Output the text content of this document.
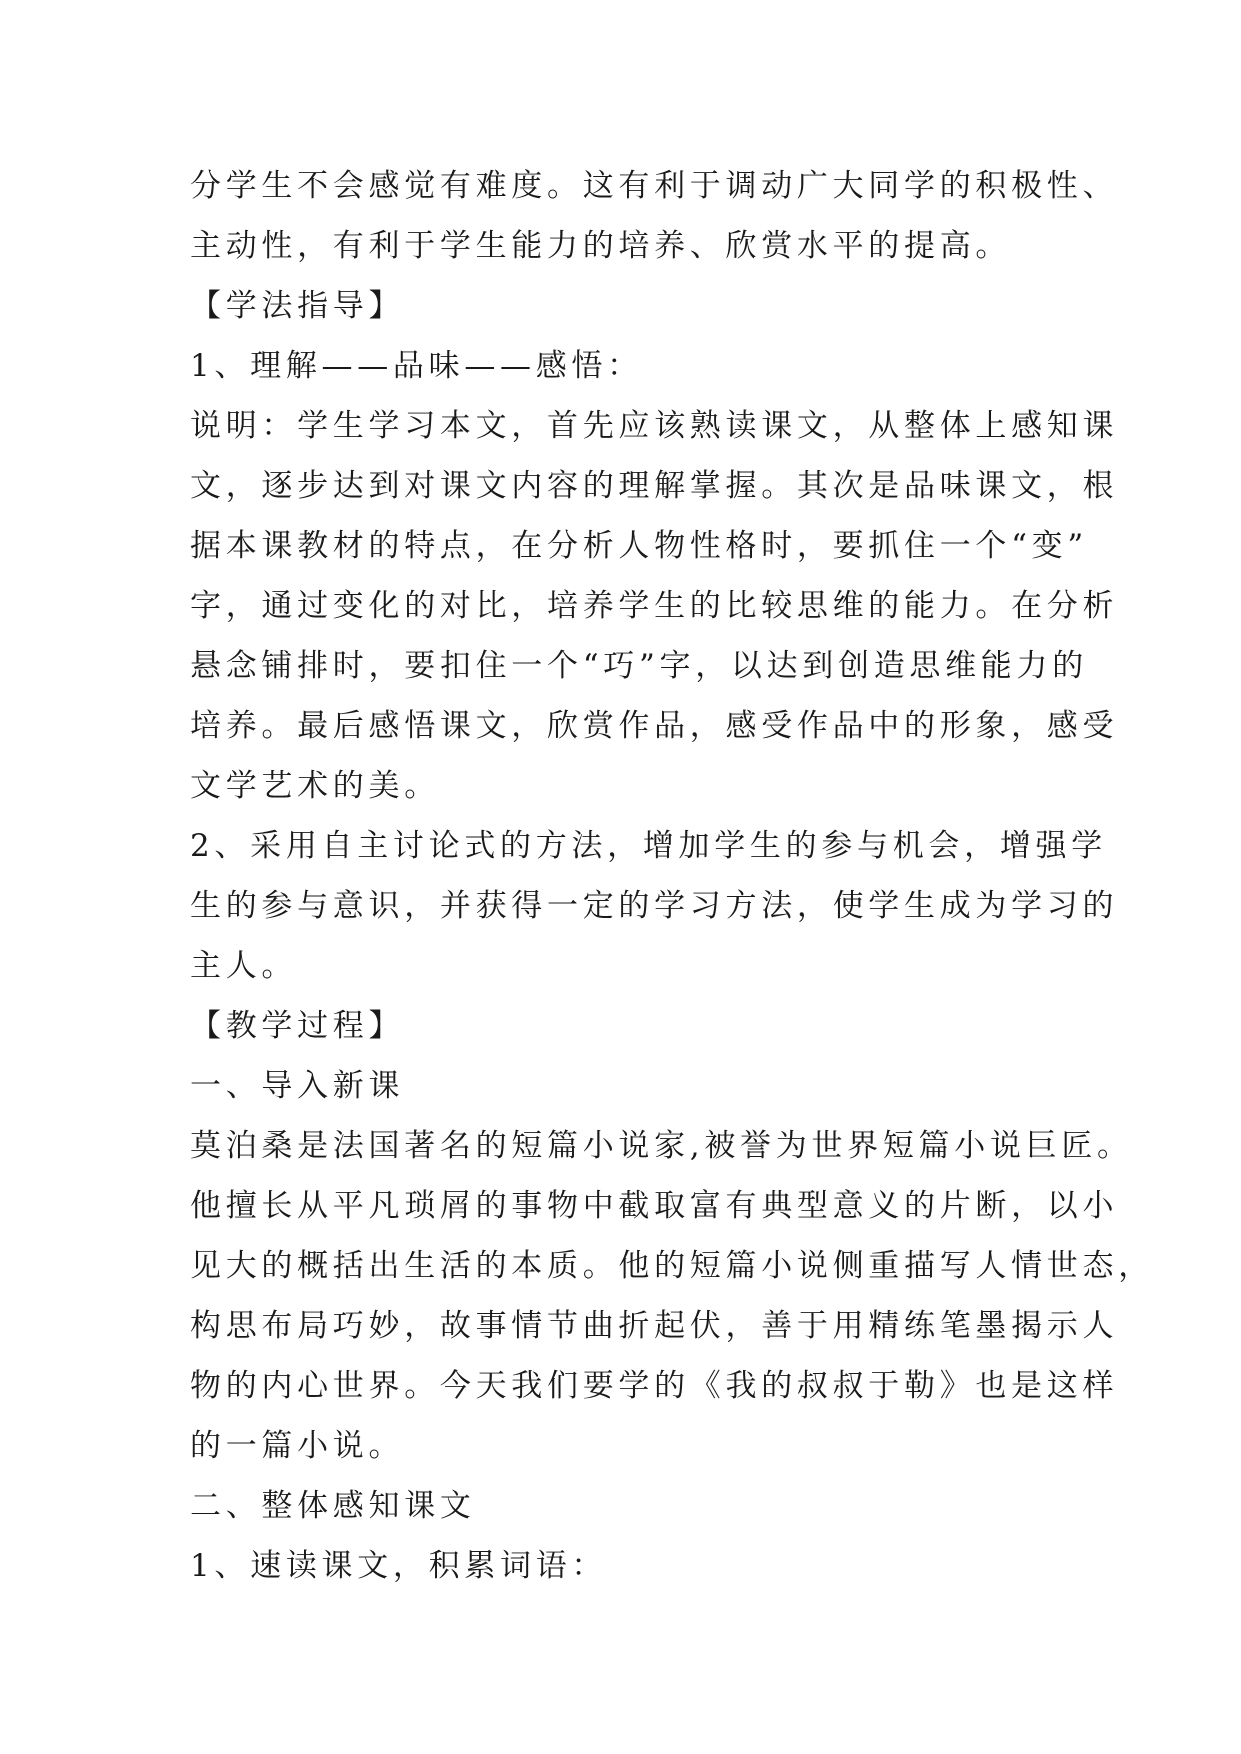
分学生不会感觉有难度。这有利于调动广大同学的积极性、

主动性，有利于学生能力的培养、欣赏水平的提高。

【学法指导】

1、理解——品味——感悟：

说明：学生学习本文，首先应该熟读课文，从整体上感知课

文，逐步达到对课文内容的理解掌握。其次是品味课文，根

据本课教材的特点，在分析人物性格时，要抓住一个“变”

字，通过变化的对比，培养学生的比较思维的能力。在分析

悬念铺排时，要扣住一个“巧”字，以达到创造思维能力的

培养。最后感悟课文，欣赏作品，感受作品中的形象，感受

文学艺术的美。

2、采用自主讨论式的方法，增加学生的参与机会，增强学

生的参与意识，并获得一定的学习方法，使学生成为学习的

主人。

【教学过程】

一、导入新课

莫泊桑是法国著名的短篇小说家,被誉为世界短篇小说巨匠。

他擅长从平凡琐屑的事物中截取富有典型意义的片断，以小

见大的概括出生活的本质。他的短篇小说侧重描写人情世态，

构思布局巧妙，故事情节曲折起伏，善于用精练笔墨揭示人

物的内心世界。今天我们要学的《我的叔叔于勒》也是这样

的一篇小说。

二、整体感知课文

1、速读课文，积累词语：
